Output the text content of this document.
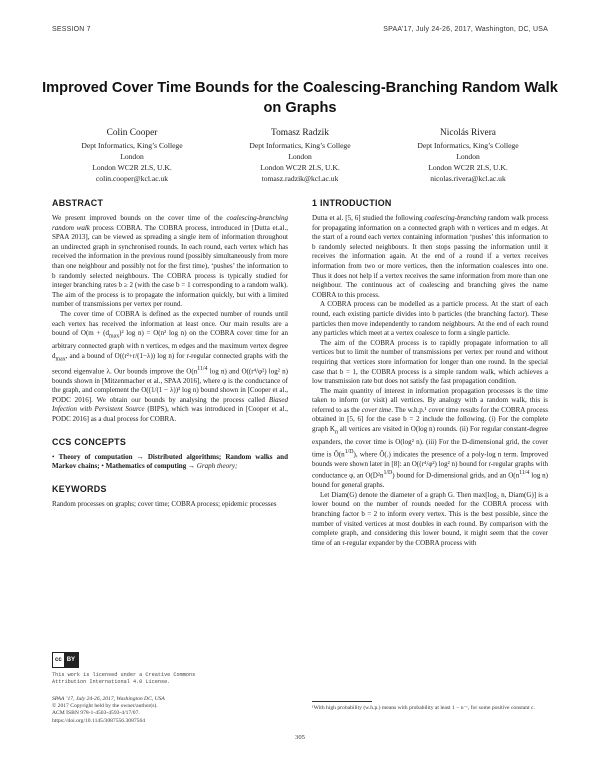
SESSION 7	SPAA’17, July 24-26, 2017, Washington, DC, USA
Improved Cover Time Bounds for the Coalescing-Branching Random Walk on Graphs
Colin Cooper
Dept Informatics, King’s College
London
London WC2R 2LS, U.K.
colin.cooper@kcl.ac.uk
Tomasz Radzik
Dept Informatics, King’s College
London
London WC2R 2LS, U.K.
tomasz.radzik@kcl.ac.uk
Nicolás Rivera
Dept Informatics, King’s College
London
London WC2R 2LS, U.K.
nicolas.rivera@kcl.ac.uk
ABSTRACT

We present improved bounds on the cover time of the coalescing-branching random walk process COBRA. The COBRA process, introduced in [Dutta et.al., SPAA 2013], can be viewed as spreading a single item of information throughout an undirected graph in synchronised rounds. In each round, each vertex which has received the information in the previous round (possibly simultaneously from more than one neighbour and possibly not for the first time), ‘pushes’ the information to b randomly selected neighbours. The COBRA process is typically studied for integer branching rates b ≥ 2 (with the case b = 1 corresponding to a random walk). The aim of the process is to propagate the information quickly, but with a limited number of transmissions per vertex per round.

The cover time of COBRA is defined as the expected number of rounds until each vertex has received the information at least once. Our main results are a bound of $O(m + (d_{max})^2$ log n) = O(n² log n) on the COBRA cover time for an arbitrary connected graph with n vertices, m edges and the maximum vertex degree $d_{max}$, and a bound of O((r²+r/(1−λ)) log n) for r-regular connected graphs with the second eigenvalue λ. Our bounds improve the $O(n^{11/4}$ log n) and O((r⁴/φ²) log² n) bounds shown in [Mitzenmacher et al., SPAA 2016], where φ is the conductance of the graph, and complement the O((1/(1 − λ))³ log n) bound shown in [Cooper et al., PODC 2016]. We obtain our bounds by analysing the process called Biased Infection with Persistent Source (BIPS), which was introduced in [Cooper et al., PODC 2016] as a dual process for COBRA.

CCS CONCEPTS

• Theory of computation → Distributed algorithms; Random walks and Markov chains; • Mathematics of computing → Graph theory;

KEYWORDS

Random processes on graphs; cover time; COBRA process; epidemic processes

cc BY
This work is licensed under a Creative Commons
Attribution International 4.0 License.
SPAA ’17, July 24-26, 2017, Washington DC, USA
© 2017 Copyright held by the owner/author(s).
ACM ISBN 978-1-4503-4593-4/17/07.
https://doi.org/10.1145/3087556.3087564
1 INTRODUCTION

Dutta et al. [5, 6] studied the following coalescing-branching random walk process for propagating information on a connected graph with n vertices and m edges. At the start of a round each vertex containing information ‘pushes’ this information to b randomly selected neighbours. It then stops passing the information until it receives the information again. At the end of a round if a vertex receives information from two or more vertices, then the information coalesces into one. Thus it does not help if a vertex receives the same information from more than one neighbour. The continuous act of coalescing and branching gives the name COBRA to this process.

A COBRA process can be modelled as a particle process. At the start of each round, each existing particle divides into b particles (the branching factor). These particles then move independently to random neighbours. At the end of each round any particles which meet at a vertex coalesce to form a single particle.

The aim of the COBRA process is to rapidly propagate information to all vertices but to limit the number of transmissions per vertex per round and without requiring that vertices store information for longer than one round. In the special case that b = 1, the COBRA process is a simple random walk, which achieves a low transmission rate but does not satisfy the fast propagation condition.

The main quantity of interest in information propagation processes is the time taken to inform (or visit) all vertices. By analogy with a random walk, this is referred to as the cover time. The w.h.p.¹ cover time results for the COBRA process obtained in [5, 6] for the case b = 2 include the following. (i) For the complete graph $K_n$ all vertices are visited in O(log n) rounds. (ii) For regular constant-degree expanders, the cover time is O(log² n). (iii) For the D-dimensional grid, the cover time is $Õ(n^{1/D})$, where Õ(.) indicates the presence of a poly-log n term. Improved bounds were shown later in [8]: an O((r⁴/φ²) log² n) bound for r-regular graphs with conductance φ, an $O(D^2n^{1/D})$ bound for D-dimensional grids, and an $O(n^{11/4}$ log n) bound for general graphs.

Let Diam(G) denote the diameter of a graph G. Then max[log₂ n, Diam(G)] is a lower bound on the number of rounds needed for the COBRA process with branching factor b = 2 to inform every vertex. This is the best possible, since the number of visited vertices at most doubles in each round. By comparison with the complete graph, and considering this lower bound, it might seem that the cover time of an r-regular expander by the COBRA process with

¹With high probability (w.h.p.) means with probability at least 1 − n⁻ᶜ, for some positive constant c.
305
